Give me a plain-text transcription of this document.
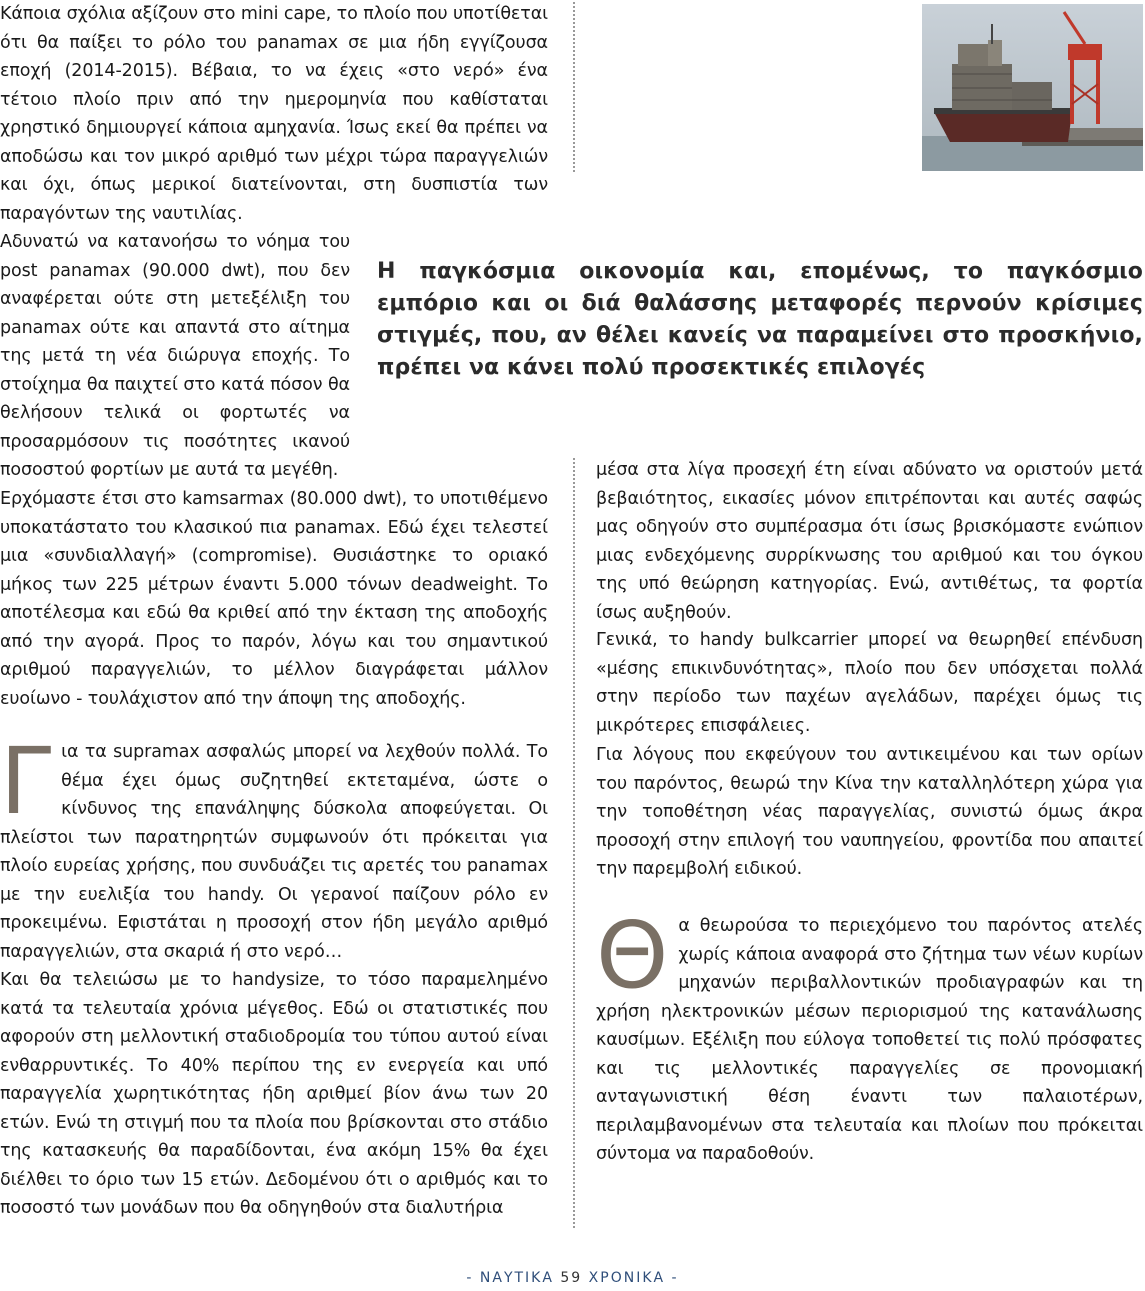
Κάποια σχόλια αξίζουν στο mini cape, το πλοίο που υποτίθεται ότι θα παίξει το ρόλο του panamax σε μια ήδη εγγίζουσα εποχή (2014-2015). Βέβαια, το να έχεις «στο νερό» ένα τέτοιο πλοίο πριν από την ημερομηνία που καθίσταται χρηστικό δημιουργεί κάποια αμηχανία. Ίσως εκεί θα πρέπει να αποδώσω και τον μικρό αριθμό των μέχρι τώρα παραγγελιών και όχι, όπως μερικοί διατείνονται, στη δυσπιστία των παραγόντων της ναυτιλίας.

Αδυνατώ να κατανοήσω το νόημα του post panamax (90.000 dwt), που δεν αναφέρεται ούτε στη μετεξέλιξη του panamax ούτε και απαντά στο αίτημα της μετά τη νέα διώρυγα εποχής. Το στοίχημα θα παιχτεί στο κατά πόσον θα θελήσουν τελικά οι φορτωτές να προσαρμόσουν τις ποσότητες ικανού ποσοστού φορτίων με αυτά τα μεγέθη.

Ερχόμαστε έτσι στο kamsarmax (80.000 dwt), το υποτιθέμενο υποκατάστατο του κλασικού πια panamax. Εδώ έχει τελεστεί μια «συνδιαλλαγή» (compromise). Θυσιάστηκε το οριακό μήκος των 225 μέτρων έναντι 5.000 τόνων deadweight. Το αποτέλεσμα και εδώ θα κριθεί από την έκταση της αποδοχής από την αγορά. Προς το παρόν, λόγω και του σημαντικού αριθμού παραγγελιών, το μέλλον διαγράφεται μάλλον ευοίωνο - τουλάχιστον από την άποψη της αποδοχής.

Για τα supramax ασφαλώς μπορεί να λεχθούν πολλά. Το θέμα έχει όμως συζητηθεί εκτεταμένα, ώστε ο κίνδυνος της επανάληψης δύσκολα αποφεύγεται. Οι πλείστοι των παρατηρητών συμφωνούν ότι πρόκειται για πλοίο ευρείας χρήσης, που συνδυάζει τις αρετές του panamax με την ευελιξία του handy. Οι γερανοί παίζουν ρόλο εν προκειμένω. Εφιστάται η προσοχή στον ήδη μεγάλο αριθμό παραγγελιών, στα σκαριά ή στο νερό…

Και θα τελειώσω με το handysize, το τόσο παραμελημένο κατά τα τελευταία χρόνια μέγεθος. Εδώ οι στατιστικές που αφορούν στη μελλοντική σταδιοδρομία του τύπου αυτού είναι ενθαρρυντικές. Το 40% περίπου της εν ενεργεία και υπό παραγγελία χωρητικότητας ήδη αριθμεί βίον άνω των 20 ετών. Ενώ τη στιγμή που τα πλοία που βρίσκονται στο στάδιο της κατασκευής θα παραδίδονται, ένα ακόμη 15% θα έχει διέλθει το όριο των 15 ετών. Δεδομένου ότι ο αριθμός και το ποσοστό των μονάδων που θα οδηγηθούν στα διαλυτήρια

Η παγκόσμια οικονομία και, επομένως, το παγκόσμιο εμπόριο και οι διά θαλάσσης μεταφορές περνούν κρίσιμες στιγμές, που, αν θέλει κανείς να παραμείνει στο προσκήνιο, πρέπει να κάνει πολύ προσεκτικές επιλογές

μέσα στα λίγα προσεχή έτη είναι αδύνατο να οριστούν μετά βεβαιότητος, εικασίες μόνον επιτρέπονται και αυτές σαφώς μας οδηγούν στο συμπέρασμα ότι ίσως βρισκόμαστε ενώπιον μιας ενδεχόμενης συρρίκνωσης του αριθμού και του όγκου της υπό θεώρηση κατηγορίας. Ενώ, αντιθέτως, τα φορτία ίσως αυξηθούν.

Γενικά, το handy bulkcarrier μπορεί να θεωρηθεί επένδυση «μέσης επικινδυνότητας», πλοίο που δεν υπόσχεται πολλά στην περίοδο των παχέων αγελάδων, παρέχει όμως τις μικρότερες επισφάλειες.

Για λόγους που εκφεύγουν του αντικειμένου και των ορίων του παρόντος, θεωρώ την Κίνα την καταλληλότερη χώρα για την τοποθέτηση νέας παραγγελίας, συνιστώ όμως άκρα προσοχή στην επιλογή του ναυπηγείου, φροντίδα που απαιτεί την παρεμβολή ειδικού.

Θα θεωρούσα το περιεχόμενο του παρόντος ατελές χωρίς κάποια αναφορά στο ζήτημα των νέων κυρίων μηχανών περιβαλλοντικών προδιαγραφών και τη χρήση ηλεκτρονικών μέσων περιορισμού της κατανάλωσης καυσίμων. Εξέλιξη που εύλογα τοποθετεί τις πολύ πρόσφατες και τις μελλοντικές παραγγελίες σε προνομιακή ανταγωνιστική θέση έναντι των παλαιοτέρων, περιλαμβανομένων στα τελευταία και πλοίων που πρόκειται σύντομα να παραδοθούν.
- ΝΑΥΤΙΚΑ 59 ΧΡΟΝΙΚΑ -
